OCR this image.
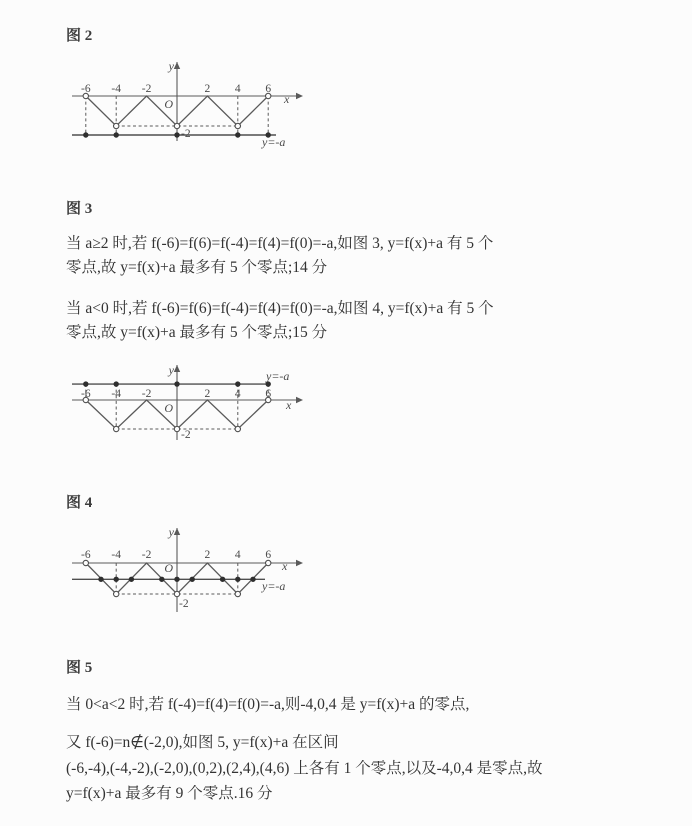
图 2
-6 -4 -2	2 4 6
O	x
y
-2
y=-a
图 3
当 a≥2 时,若 f(-6)=f(6)=f(-4)=f(4)=f(0)=-a,如图 3, y=f(x)+a 有 5 个
零点,故 y=f(x)+a 最多有 5 个零点;14 分
当 a<0 时,若 f(-6)=f(6)=f(-4)=f(4)=f(0)=-a,如图 4, y=f(x)+a 有 5 个
零点,故 y=f(x)+a 最多有 5 个零点;15 分
-6 -4 -2	2 4 6
O	x
y
-2
y=-a
图 4
-6 -4 -2	2 4 6
O	x
y
-2
y=-a
图 5
当 0<a<2 时,若 f(-4)=f(4)=f(0)=-a,则-4,0,4 是 y=f(x)+a 的零点,
又 f(-6)=n∉(-2,0),如图 5, y=f(x)+a 在区间
(-6,-4),(-4,-2),(-2,0),(0,2),(2,4),(4,6) 上各有 1 个零点,以及-4,0,4 是零点,故
y=f(x)+a 最多有 9 个零点.16 分
